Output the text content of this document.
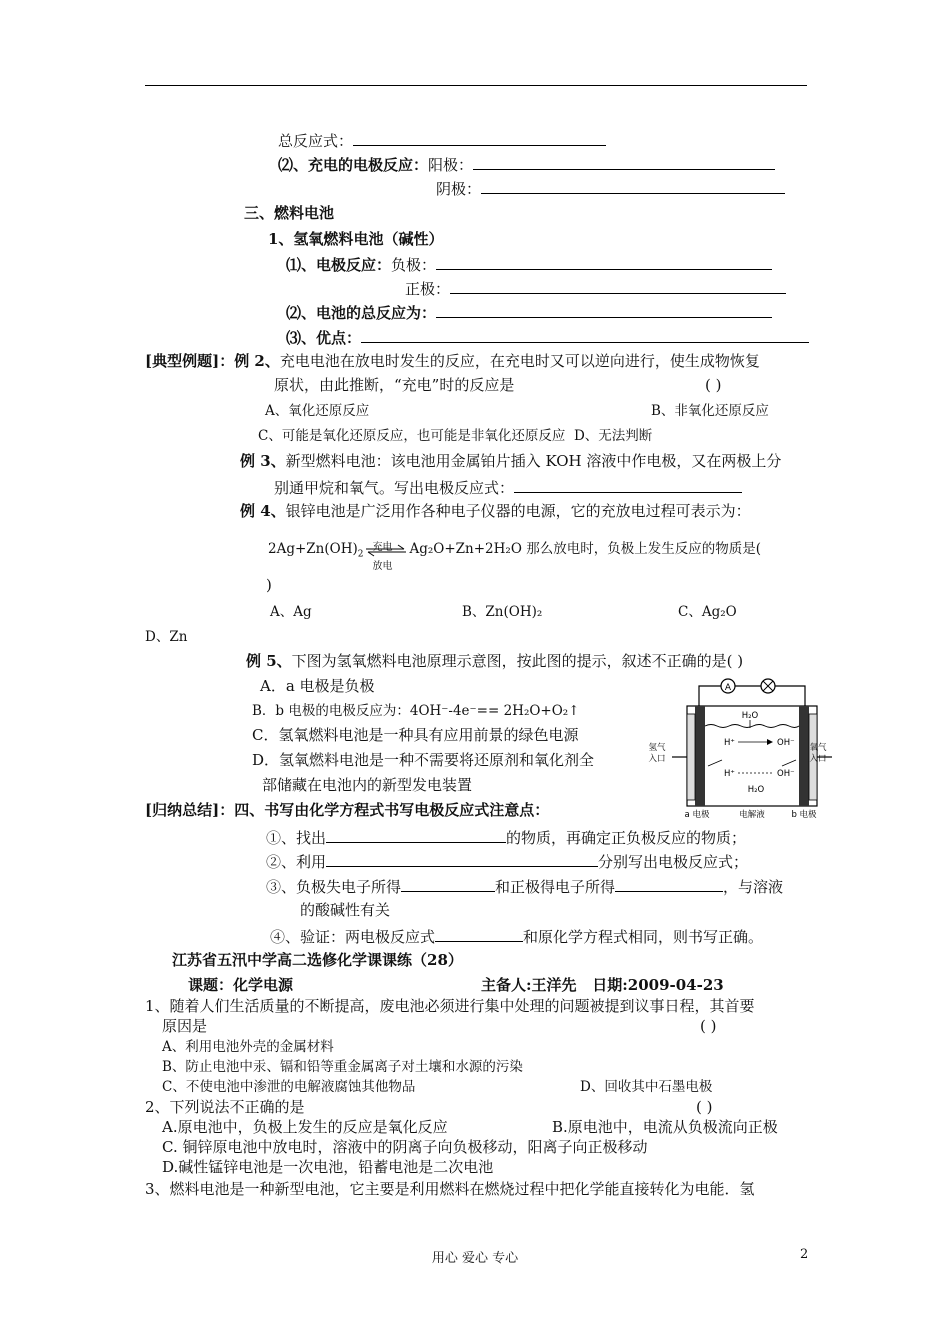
总反应式：
⑵、充电的电极反应：阳极：
阴极：
三、燃料电池
1、氢氧燃料电池（碱性）
⑴、电极反应：负极：
正极：
⑵、电池的总反应为：
⑶、优点：
[典型例题]：例 2、充电电池在放电时发生的反应，在充电时又可以逆向进行，使生成物恢复
原状，由此推断，“充电”时的反应是	( )
A、氧化还原反应	B、非氧化还原反应
C、可能是氧化还原反应，也可能是非氧化还原反应 D、无法判断
例 3、新型燃料电池：该电池用金属铂片插入 KOH 溶液中作电极，又在两极上分
别通甲烷和氧气。写出电极反应式：
例 4、银锌电池是广泛用作各种电子仪器的电源，它的充放电过程可表示为：
$2Ag+Zn(OH)_2$
充电
放电
Ag₂O+Zn+2H₂O 那么放电时，负极上发生反应的物质是(
)
A、Ag	B、Zn(OH)₂	C、Ag₂O
D、Zn
例 5、下图为氢氧燃料电池原理示意图，按此图的提示，叙述不正确的是( )
A．a 电极是负极
B．b 电极的电极反应为：4OH⁻-4e⁻== 2H₂O+O₂↑
C．氢氧燃料电池是一种具有应用前景的绿色电源
D．氢氧燃料电池是一种不需要将还原剂和氧化剂全
部储藏在电池内的新型发电装置
A
氢气
入口
氧气
入口
H₂O
H⁺	OH⁻
H⁺	OH⁻
H₂O
a 电极	电解液	b 电极
[归纳总结]：四、书写由化学方程式书写电极反应式注意点：
①、找出	的物质，再确定正负极反应的物质；
②、利用	分别写出电极反应式；
③、负极失电子所得	和正极得电子所得	，与溶液
的酸碱性有关
④、验证：两电极反应式	和原化学方程式相同，则书写正确。
江苏省五汛中学高二选修化学课课练（28）
课题：化学电源	主备人:王洋先 日期:2009-04-23
1、随着人们生活质量的不断提高，废电池必须进行集中处理的问题被提到议事日程，其首要
原因是	( )
A、利用电池外壳的金属材料
B、防止电池中汞、镉和铅等重金属离子对土壤和水源的污染
C、不使电池中渗泄的电解液腐蚀其他物品	D、回收其中石墨电极
2、下列说法不正确的是	( )
A.原电池中，负极上发生的反应是氧化反应	B.原电池中，电流从负极流向正极
C. 铜锌原电池中放电时，溶液中的阴离子向负极移动，阳离子向正极移动
D.碱性锰锌电池是一次电池，铅蓄电池是二次电池
3、燃料电池是一种新型电池，它主要是利用燃料在燃烧过程中把化学能直接转化为电能．氢
用心 爱心 专心	2
